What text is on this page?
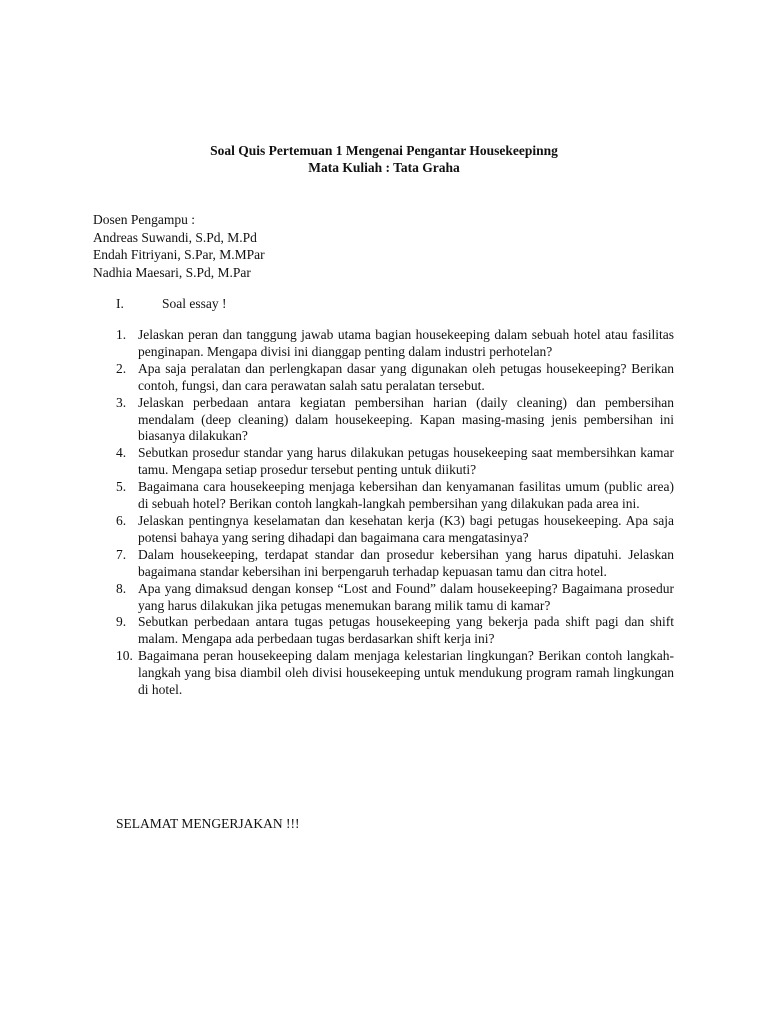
Soal Quis Pertemuan 1 Mengenai Pengantar Housekeepinng
Mata Kuliah : Tata Graha
Dosen Pengampu :
Andreas Suwandi, S.Pd, M.Pd
Endah Fitriyani, S.Par, M.MPar
Nadhia Maesari, S.Pd, M.Par
I.	Soal essay !
1. Jelaskan peran dan tanggung jawab utama bagian housekeeping dalam sebuah hotel atau fasilitas penginapan. Mengapa divisi ini dianggap penting dalam industri perhotelan?
2. Apa saja peralatan dan perlengkapan dasar yang digunakan oleh petugas housekeeping? Berikan contoh, fungsi, dan cara perawatan salah satu peralatan tersebut.
3. Jelaskan perbedaan antara kegiatan pembersihan harian (daily cleaning) dan pembersihan mendalam (deep cleaning) dalam housekeeping. Kapan masing-masing jenis pembersihan ini biasanya dilakukan?
4. Sebutkan prosedur standar yang harus dilakukan petugas housekeeping saat membersihkan kamar tamu. Mengapa setiap prosedur tersebut penting untuk diikuti?
5. Bagaimana cara housekeeping menjaga kebersihan dan kenyamanan fasilitas umum (public area) di sebuah hotel? Berikan contoh langkah-langkah pembersihan yang dilakukan pada area ini.
6. Jelaskan pentingnya keselamatan dan kesehatan kerja (K3) bagi petugas housekeeping. Apa saja potensi bahaya yang sering dihadapi dan bagaimana cara mengatasinya?
7. Dalam housekeeping, terdapat standar dan prosedur kebersihan yang harus dipatuhi. Jelaskan bagaimana standar kebersihan ini berpengaruh terhadap kepuasan tamu dan citra hotel.
8. Apa yang dimaksud dengan konsep “Lost and Found” dalam housekeeping? Bagaimana prosedur yang harus dilakukan jika petugas menemukan barang milik tamu di kamar?
9. Sebutkan perbedaan antara tugas petugas housekeeping yang bekerja pada shift pagi dan shift malam. Mengapa ada perbedaan tugas berdasarkan shift kerja ini?
10. Bagaimana peran housekeeping dalam menjaga kelestarian lingkungan? Berikan contoh langkah-langkah yang bisa diambil oleh divisi housekeeping untuk mendukung program ramah lingkungan di hotel.
SELAMAT MENGERJAKAN !!!
